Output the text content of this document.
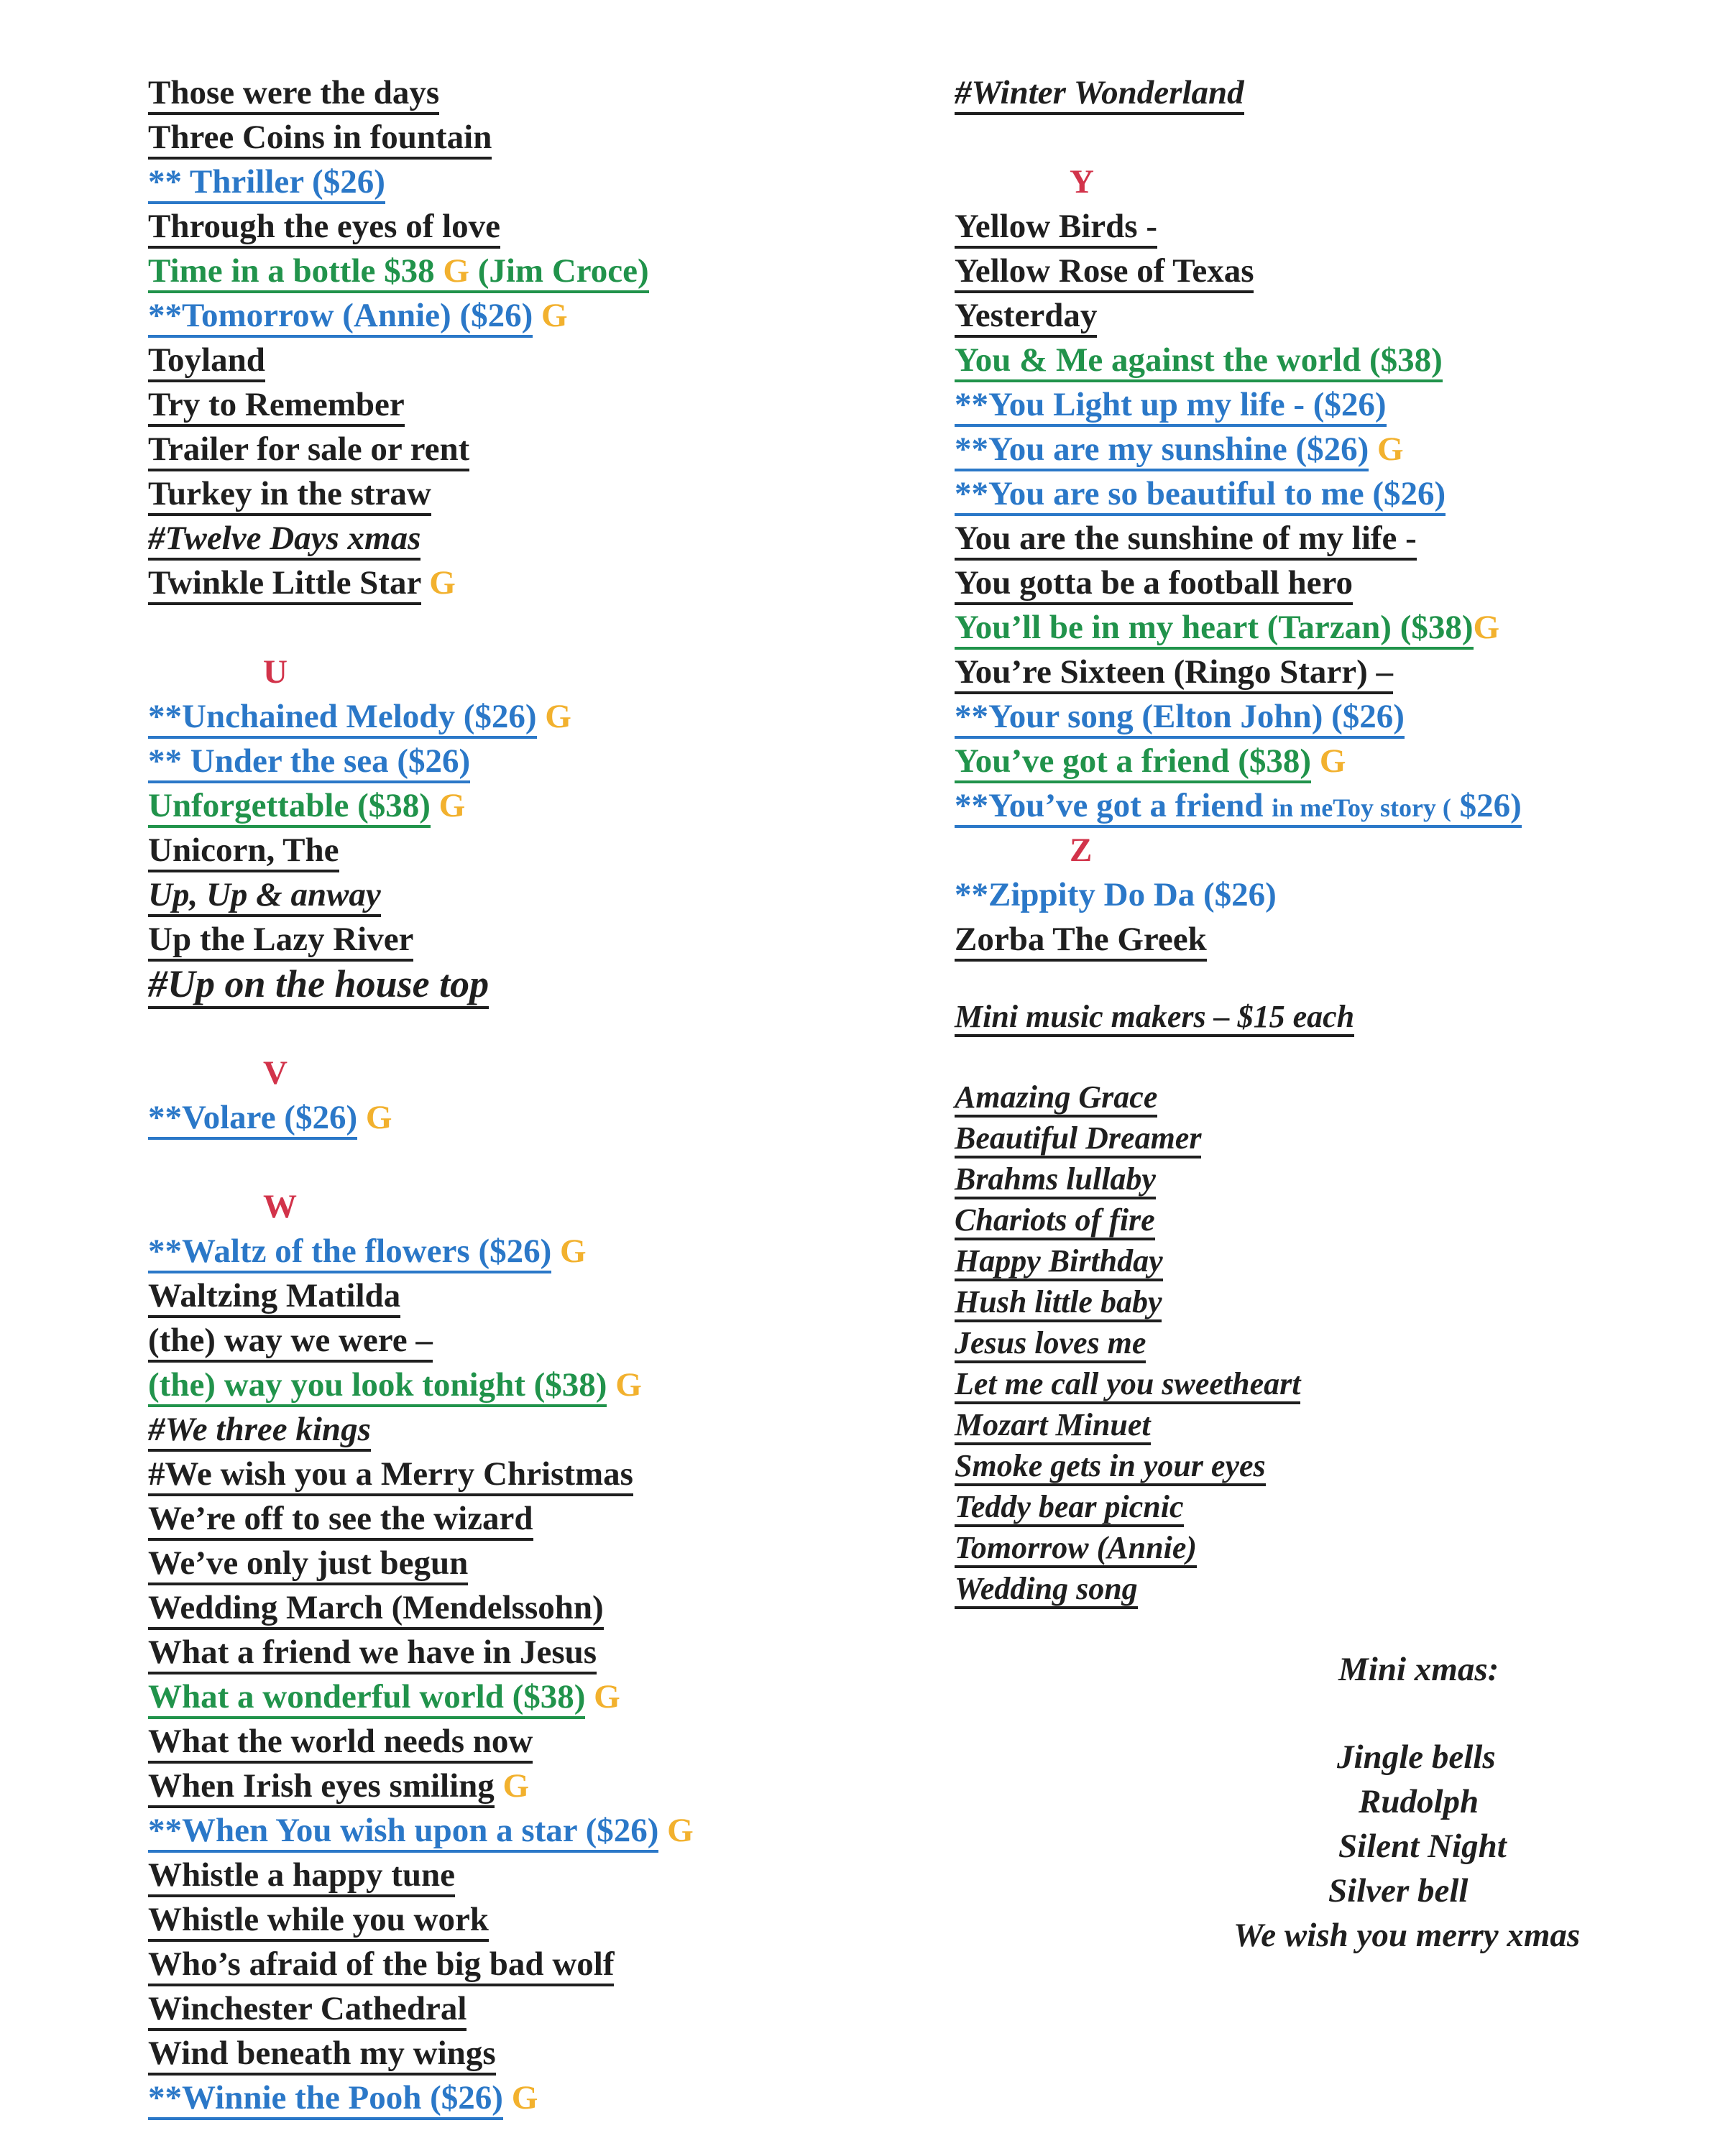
Those were the days
Three Coins in fountain
** Thriller ($26)
Through the eyes of love
Time in a bottle $38 G (Jim Croce)
**Tomorrow (Annie) ($26) G
Toyland
Try to Remember
Trailer for sale or rent
Turkey in the straw
#Twelve Days xmas
Twinkle Little Star G
U
**Unchained Melody ($26) G
** Under the sea ($26)
Unforgettable ($38) G
Unicorn, The
Up, Up & anway
Up the Lazy River
#Up on the house top
V
**Volare ($26) G
W
**Waltz of the flowers ($26) G
Waltzing Matilda
(the) way we were –
(the) way you look tonight ($38) G
#We three kings
#We wish you a Merry Christmas
We’re off to see the wizard
We’ve only just begun
Wedding March (Mendelssohn)
What a friend we have in Jesus
What a wonderful world ($38) G
What the world needs now
When Irish eyes smiling G
**When You wish upon a star ($26) G
Whistle a happy tune
Whistle while you work
Who’s afraid of the big bad wolf
Winchester Cathedral
Wind beneath my wings
**Winnie the Pooh ($26) G
#Winter Wonderland
Y
Yellow Birds -
Yellow Rose of Texas
Yesterday
You & Me against the world ($38)
**You Light up my life - ($26)
**You are my sunshine ($26) G
**You are so beautiful to me ($26)
You are the sunshine of my life -
You gotta be a football hero
You’ll be in my heart (Tarzan) ($38)G
You’re Sixteen (Ringo Starr) –
**Your song (Elton John) ($26)
You’ve got a friend ($38) G
**You’ve got a friend in meToy story ( $26)
Z
**Zippity Do Da ($26)
Zorba The Greek
Mini music makers – $15 each
Amazing Grace
Beautiful Dreamer
Brahms lullaby
Chariots of fire
Happy Birthday
Hush little baby
Jesus loves me
Let me call you sweetheart
Mozart Minuet
Smoke gets in your eyes
Teddy bear picnic
Tomorrow (Annie)
Wedding song
Mini xmas:
Jingle bells
Rudolph
Silent Night
Silver bell
We wish you merry xmas
